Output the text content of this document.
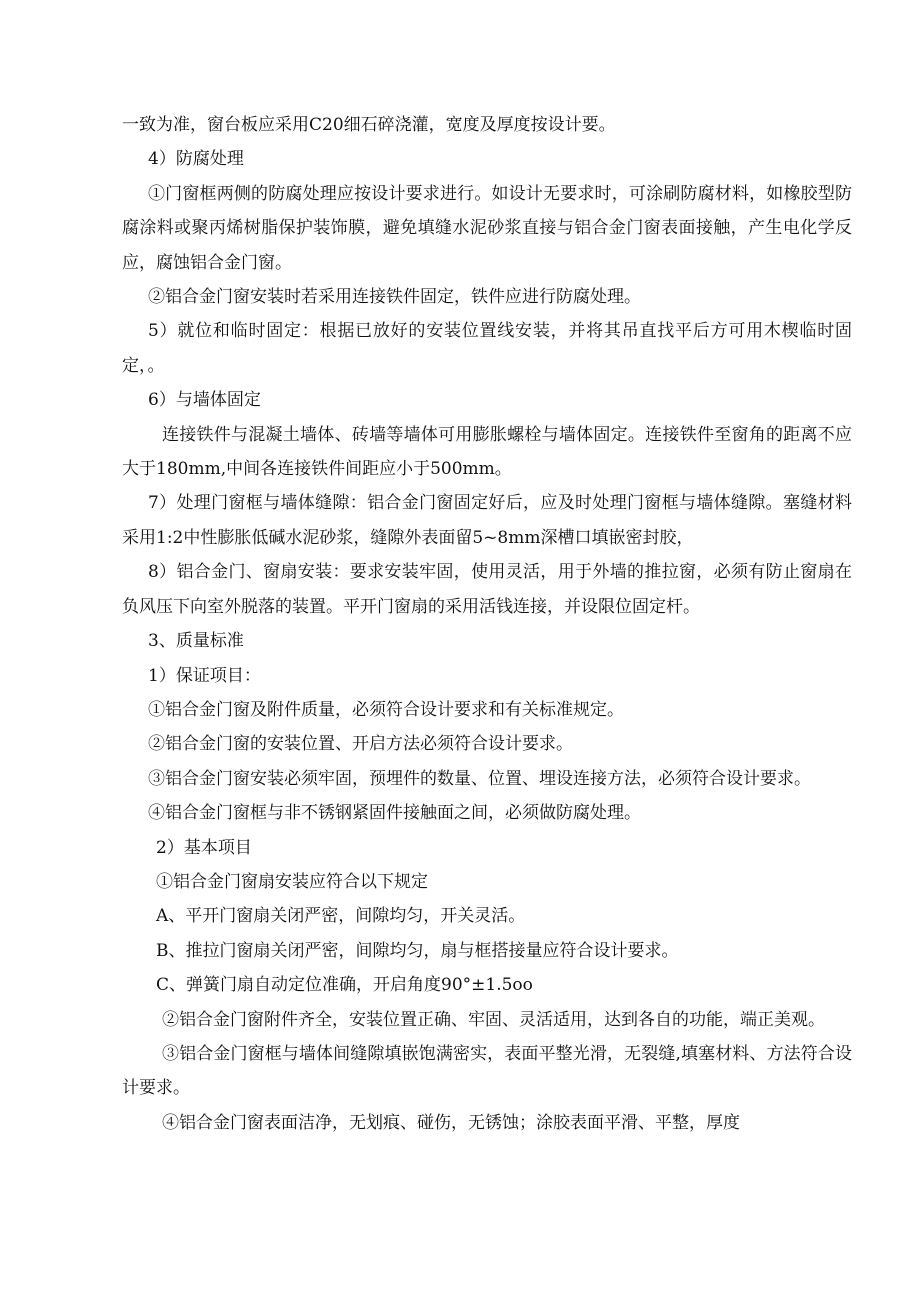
一致为准，窗台板应采用C20细石碎浇灌，宽度及厚度按设计要。

4）防腐处理

①门窗框两侧的防腐处理应按设计要求进行。如设计无要求时，可涂刷防腐材料，如橡胶型防腐涂料或聚丙烯树脂保护装饰膜，避免填缝水泥砂浆直接与铝合金门窗表面接触，产生电化学反应，腐蚀铝合金门窗。

②铝合金门窗安装时若采用连接铁件固定，铁件应进行防腐处理。

5）就位和临时固定：根据已放好的安装位置线安装，并将其吊直找平后方可用木楔临时固定，。

6）与墙体固定

连接铁件与混凝土墙体、砖墙等墙体可用膨胀螺栓与墙体固定。连接铁件至窗角的距离不应大于180mm,中间各连接铁件间距应小于500mm。

7）处理门窗框与墙体缝隙：铝合金门窗固定好后，应及时处理门窗框与墙体缝隙。塞缝材料采用1:2中性膨胀低碱水泥砂浆，缝隙外表面留5~8mm深槽口填嵌密封胶，

8）铝合金门、窗扇安装：要求安装牢固，使用灵活，用于外墙的推拉窗，必须有防止窗扇在负风压下向室外脱落的装置。平开门窗扇的采用活钱连接，并设限位固定杆。

3、质量标准

1）保证项目：

①铝合金门窗及附件质量，必须符合设计要求和有关标准规定。

②铝合金门窗的安装位置、开启方法必须符合设计要求。

③铝合金门窗安装必须牢固，预埋件的数量、位置、埋设连接方法，必须符合设计要求。

④铝合金门窗框与非不锈钢紧固件接触面之间，必须做防腐处理。

2）基本项目

①铝合金门窗扇安装应符合以下规定

A、平开门窗扇关闭严密，间隙均匀，开关灵活。

B、推拉门窗扇关闭严密，间隙均匀，扇与框搭接量应符合设计要求。

C、弹簧门扇自动定位准确，开启角度90°±1.5oo

②铝合金门窗附件齐全，安装位置正确、牢固、灵活适用，达到各自的功能，端正美观。

③铝合金门窗框与墙体间缝隙填嵌饱满密实，表面平整光滑，无裂缝,填塞材料、方法符合设计要求。

④铝合金门窗表面洁净，无划痕、碰伤，无锈蚀；涂胶表面平滑、平整，厚度
